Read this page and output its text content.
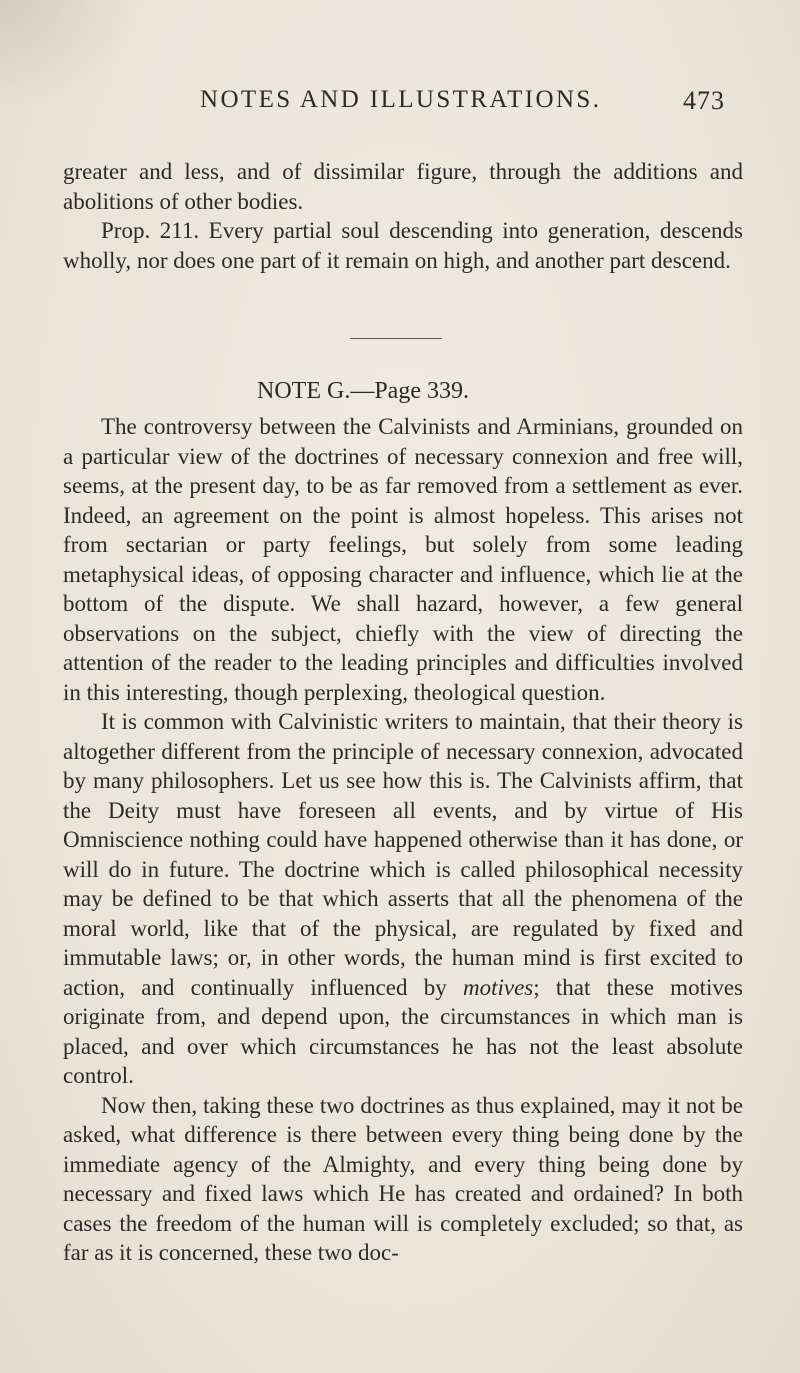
NOTES AND ILLUSTRATIONS.	473

greater and less, and of dissimilar figure, through the additions and abolitions of other bodies.

Prop. 211. Every partial soul descending into generation, descends wholly, nor does one part of it remain on high, and another part descend.

NOTE G.—Page 339.

The controversy between the Calvinists and Arminians, grounded on a particular view of the doctrines of necessary connexion and free will, seems, at the present day, to be as far removed from a settlement as ever. Indeed, an agreement on the point is almost hopeless. This arises not from sectarian or party feelings, but solely from some leading metaphysical ideas, of opposing character and influence, which lie at the bottom of the dispute. We shall hazard, however, a few general observations on the subject, chiefly with the view of directing the attention of the reader to the leading principles and difficulties involved in this interesting, though perplexing, theological question.

It is common with Calvinistic writers to maintain, that their theory is altogether different from the principle of necessary connexion, advocated by many philosophers. Let us see how this is. The Calvinists affirm, that the Deity must have foreseen all events, and by virtue of His Omniscience nothing could have happened otherwise than it has done, or will do in future. The doctrine which is called philosophical necessity may be defined to be that which asserts that all the phenomena of the moral world, like that of the physical, are regulated by fixed and immutable laws; or, in other words, the human mind is first excited to action, and continually influenced by motives; that these motives originate from, and depend upon, the circumstances in which man is placed, and over which circumstances he has not the least absolute control.

Now then, taking these two doctrines as thus explained, may it not be asked, what difference is there between every thing being done by the immediate agency of the Almighty, and every thing being done by necessary and fixed laws which He has created and ordained? In both cases the freedom of the human will is completely excluded; so that, as far as it is concerned, these two doc-
